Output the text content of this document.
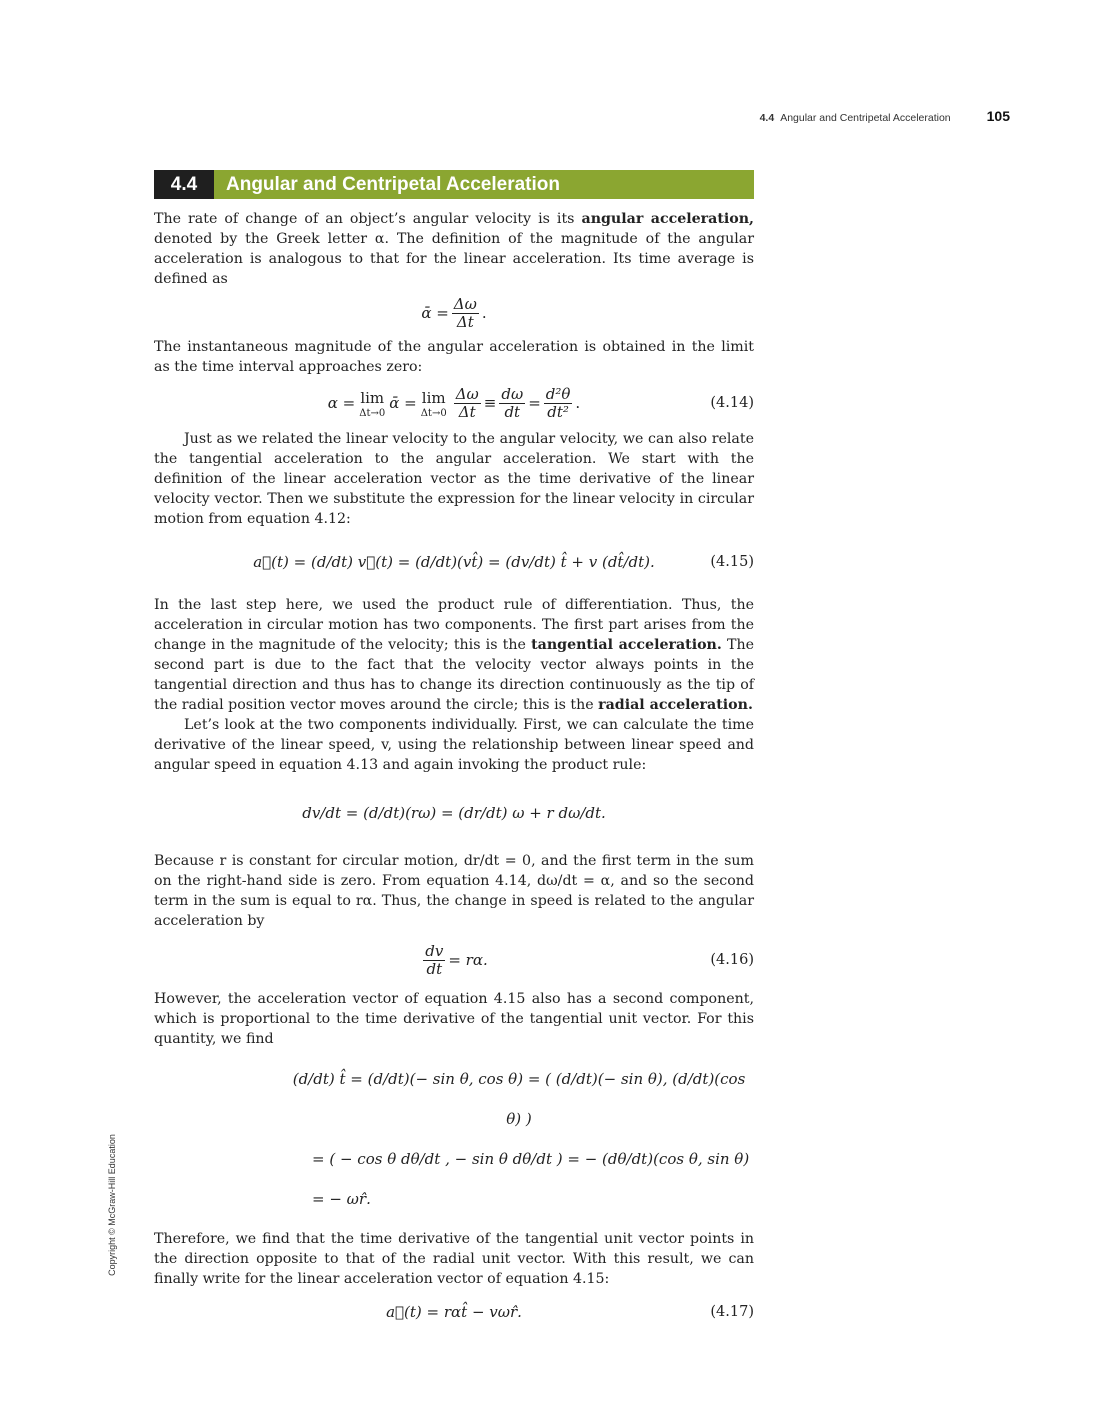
4.4 Angular and Centripetal Acceleration	105
4.4	Angular and Centripetal Acceleration

The rate of change of an object’s angular velocity is its angular acceleration, denoted by the Greek letter α. The definition of the magnitude of the angular acceleration is analogous to that for the linear acceleration. Its time average is defined as

ᾱ = $\frac{\Delta\omega}{\Delta t}$ .

The instantaneous magnitude of the angular acceleration is obtained in the limit as the time interval approaches zero:

α = lim
Δt→0
ᾱ = lim
$\Delta t\to 0 \frac{\Delta\omega}{\Delta t} \equiv \frac{d\omega}{dt} = \frac{\text{d²θ}}{\text{dt²}}$ .	(4.14)

Just as we related the linear velocity to the angular velocity, we can also relate the tangential acceleration to the angular acceleration. We start with the definition of the linear acceleration vector as the time derivative of the linear velocity vector. Then we substitute the expression for the linear velocity in circular motion from equation 4.12:

a⃗(t) = (d/dt) v⃗(t) = (d/dt)(vt̂) = (dv/dt) t̂ + v (dt̂/dt).	(4.15)

In the last step here, we used the product rule of differentiation. Thus, the acceleration in circular motion has two components. The first part arises from the change in the magnitude of the velocity; this is the tangential acceleration. The second part is due to the fact that the velocity vector always points in the tangential direction and thus has to change its direction continuously as the tip of the radial position vector moves around the circle; this is the radial acceleration.

Let’s look at the two components individually. First, we can calculate the time derivative of the linear speed, v, using the relationship between linear speed and angular speed in equation 4.13 and again invoking the product rule:

dv/dt = (d/dt)(rω) = (dr/dt) ω + r dω/dt.

Because r is constant for circular motion, dr/dt = 0, and the first term in the sum on the right-hand side is zero. From equation 4.14, dω/dt = α, and so the second term in the sum is equal to rα. Thus, the change in speed is related to the angular acceleration by

$\frac{dv}{dt} = r\alpha$.	(4.16)

However, the acceleration vector of equation 4.15 also has a second component, which is proportional to the time derivative of the tangential unit vector. For this quantity, we find

(d/dt) t̂ = (d/dt)(− sin θ, cos θ) = ( (d/dt)(− sin θ), (d/dt)(cos θ) )
= ( − cos θ dθ/dt , − sin θ dθ/dt ) = − (dθ/dt)(cos θ, sin θ)
= − ωr̂.

Therefore, we find that the time derivative of the tangential unit vector points in the direction opposite to that of the radial unit vector. With this result, we can finally write for the linear acceleration vector of equation 4.15:

a⃗(t) = rαt̂ − vωr̂.	(4.17)
Copyright © McGraw-Hill Education
